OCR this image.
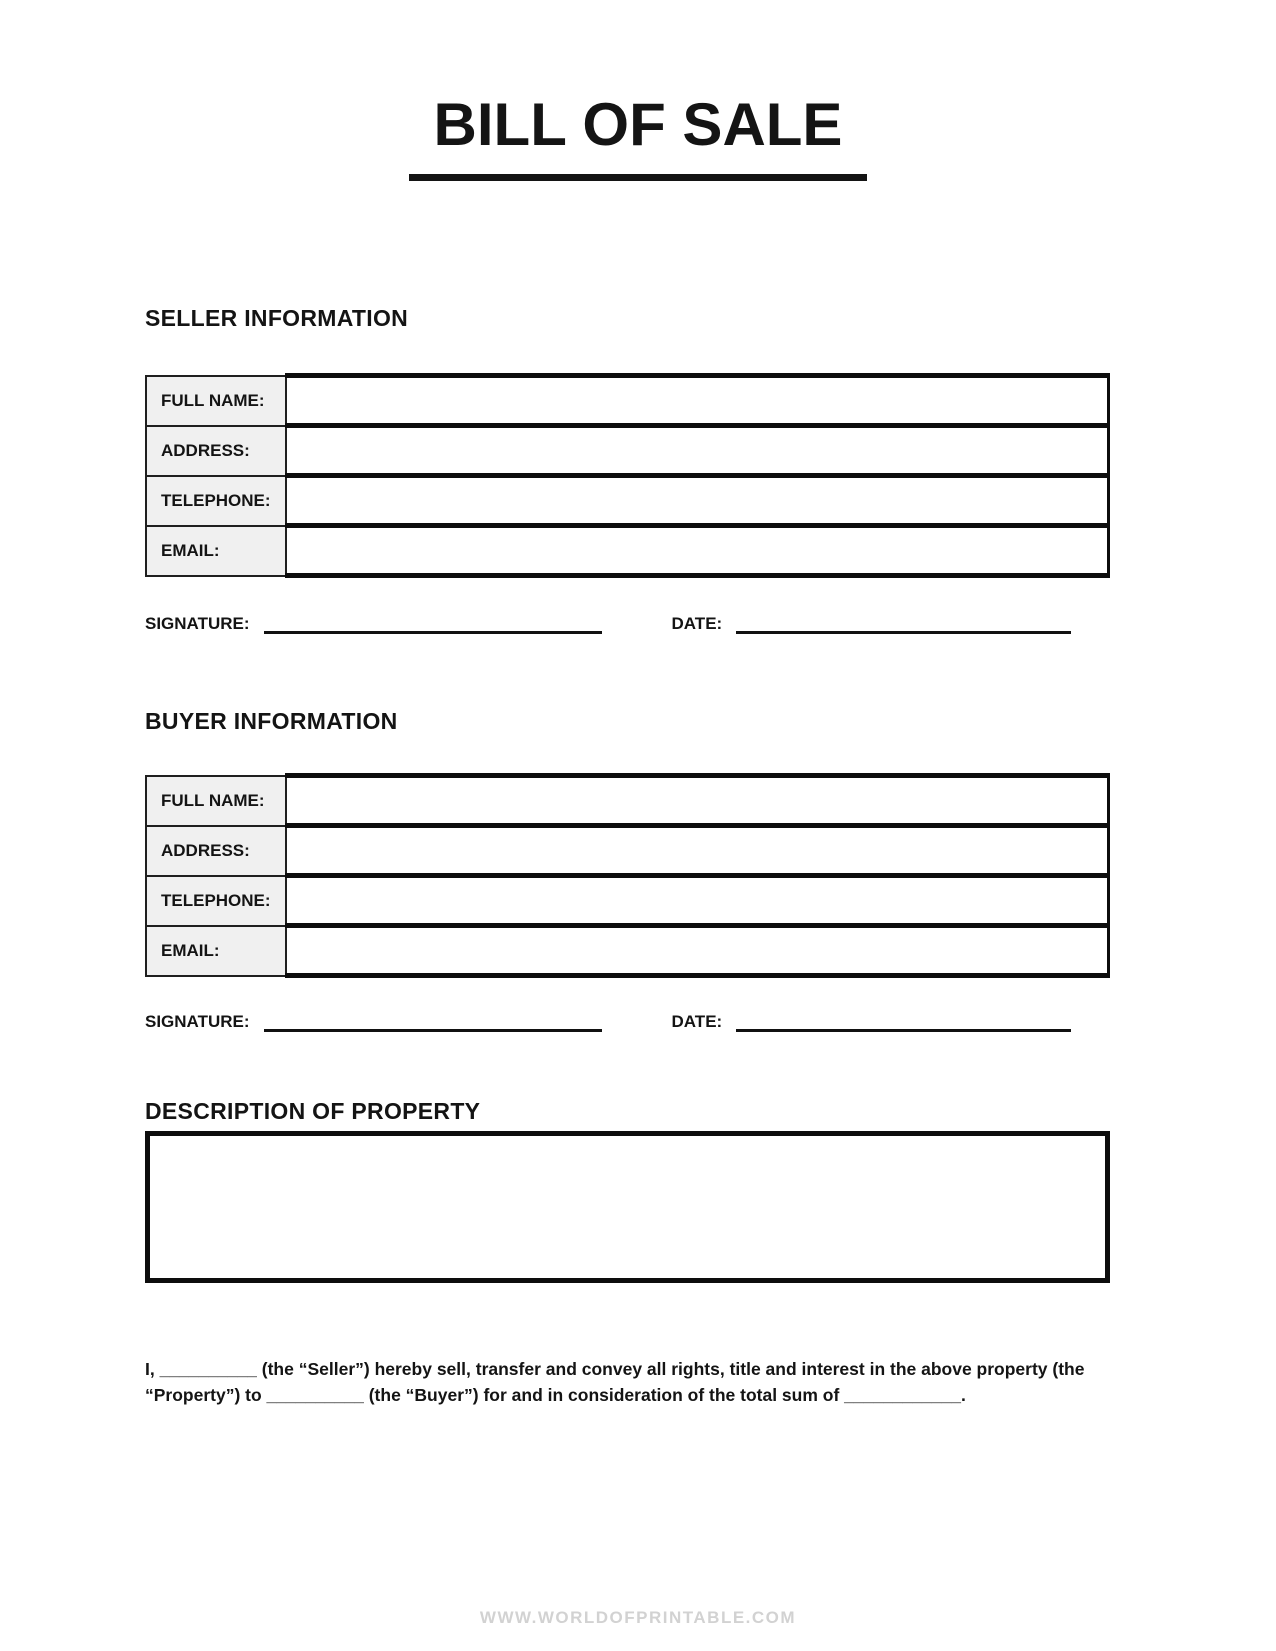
BILL OF SALE
SELLER INFORMATION
FULL NAME:	
ADDRESS:	
TELEPHONE:	
EMAIL:	
SIGNATURE:	DATE:
BUYER INFORMATION
FULL NAME:	
ADDRESS:	
TELEPHONE:	
EMAIL:	
SIGNATURE:	DATE:
DESCRIPTION OF PROPERTY

I, __________ (the “Seller”) hereby sell, transfer and convey all rights, title and interest in the above property (the “Property”) to __________ (the “Buyer”) for and in consideration of the total sum of ____________.

WWW.WORLDOFPRINTABLE.COM
